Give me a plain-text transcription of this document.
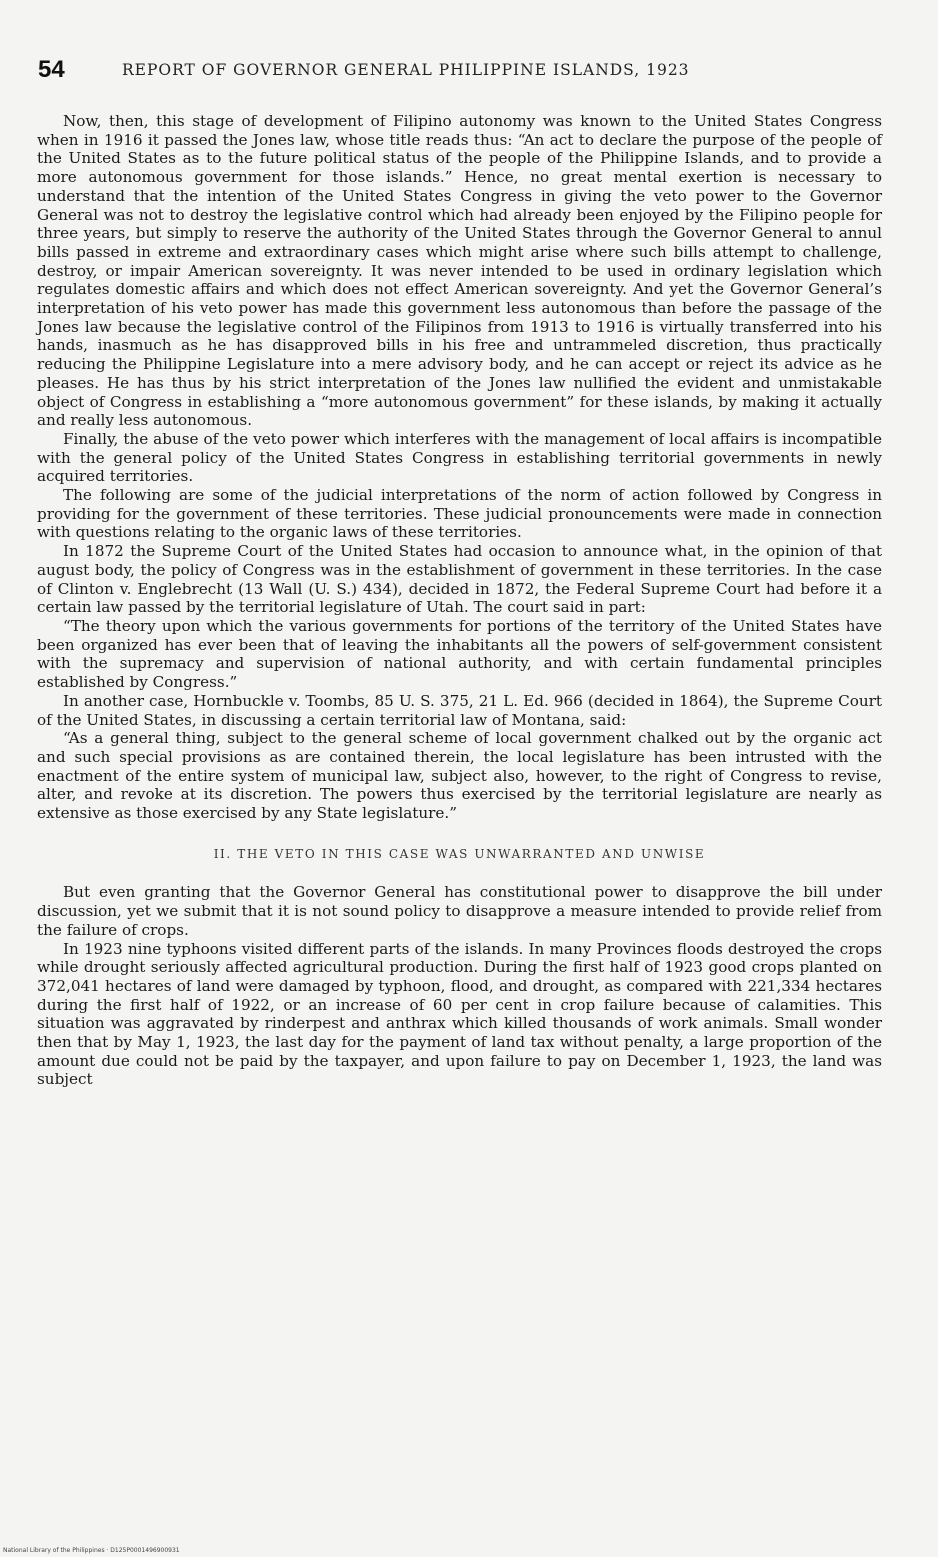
54	REPORT OF GOVERNOR GENERAL PHILIPPINE ISLANDS, 1923

Now, then, this stage of development of Filipino autonomy was known to the United States Congress when in 1916 it passed the Jones law, whose title reads thus: “An act to declare the purpose of the people of the United States as to the future political status of the people of the Philippine Islands, and to provide a more autonomous government for those islands.” Hence, no great mental exertion is necessary to understand that the intention of the United States Congress in giving the veto power to the Governor General was not to destroy the legislative control which had already been enjoyed by the Filipino people for three years, but simply to reserve the authority of the United States through the Governor General to annul bills passed in extreme and extraordinary cases which might arise where such bills attempt to challenge, destroy, or impair American sovereignty. It was never intended to be used in ordinary legislation which regulates domestic affairs and which does not effect American sovereignty. And yet the Governor General’s interpretation of his veto power has made this government less autonomous than before the passage of the Jones law because the legislative control of the Filipinos from 1913 to 1916 is virtually transferred into his hands, inasmuch as he has disapproved bills in his free and untrammeled discretion, thus practically reducing the Philippine Legislature into a mere advisory body, and he can accept or reject its advice as he pleases. He has thus by his strict interpretation of the Jones law nullified the evident and unmistakable object of Congress in establishing a “more autonomous government” for these islands, by making it actually and really less autonomous.

Finally, the abuse of the veto power which interferes with the management of local affairs is incompatible with the general policy of the United States Congress in establishing territorial governments in newly acquired territories.

The following are some of the judicial interpretations of the norm of action followed by Congress in providing for the government of these territories. These judicial pronouncements were made in connection with questions relating to the organic laws of these territories.

In 1872 the Supreme Court of the United States had occasion to announce what, in the opinion of that august body, the policy of Congress was in the establishment of government in these territories. In the case of Clinton v. Englebrecht (13 Wall (U. S.) 434), decided in 1872, the Federal Supreme Court had before it a certain law passed by the territorial legislature of Utah. The court said in part:

“The theory upon which the various governments for portions of the territory of the United States have been organized has ever been that of leaving the inhabitants all the powers of self-government consistent with the supremacy and supervision of national authority, and with certain fundamental principles established by Congress.”

In another case, Hornbuckle v. Toombs, 85 U. S. 375, 21 L. Ed. 966 (decided in 1864), the Supreme Court of the United States, in discussing a certain territorial law of Montana, said:

“As a general thing, subject to the general scheme of local government chalked out by the organic act and such special provisions as are contained therein, the local legislature has been intrusted with the enactment of the entire system of municipal law, subject also, however, to the right of Congress to revise, alter, and revoke at its discretion. The powers thus exercised by the territorial legislature are nearly as extensive as those exercised by any State legislature.”

II. THE VETO IN THIS CASE WAS UNWARRANTED AND UNWISE

But even granting that the Governor General has constitutional power to disapprove the bill under discussion, yet we submit that it is not sound policy to disapprove a measure intended to provide relief from the failure of crops.

In 1923 nine typhoons visited different parts of the islands. In many Provinces floods destroyed the crops while drought seriously affected agricultural production. During the first half of 1923 good crops planted on 372,041 hectares of land were damaged by typhoon, flood, and drought, as compared with 221,334 hectares during the first half of 1922, or an increase of 60 per cent in crop failure because of calamities. This situation was aggravated by rinderpest and anthrax which killed thousands of work animals. Small wonder then that by May 1, 1923, the last day for the payment of land tax without penalty, a large proportion of the amount due could not be paid by the taxpayer, and upon failure to pay on December 1, 1923, the land was subject

National Library of the Philippines · D125P0001496900931
